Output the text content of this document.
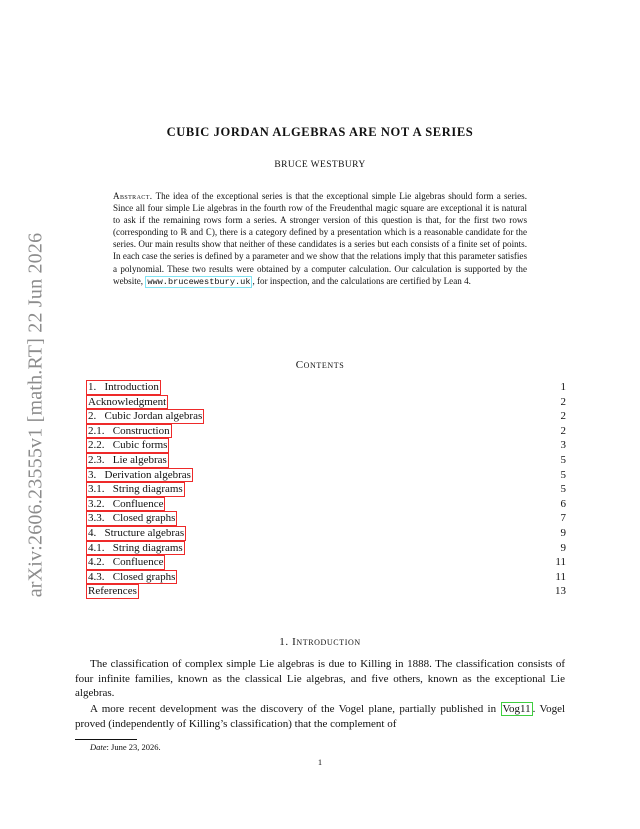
arXiv:2606.23555v1 [math.RT] 22 Jun 2026
CUBIC JORDAN ALGEBRAS ARE NOT A SERIES
BRUCE WESTBURY
Abstract. The idea of the exceptional series is that the exceptional simple Lie algebras should form a series. Since all four simple Lie algebras in the fourth row of the Freudenthal magic square are exceptional it is natural to ask if the remaining rows form a series. A stronger version of this question is that, for the first two rows (corresponding to ℝ and ℂ), there is a category defined by a presentation which is a reasonable candidate for the series. Our main results show that neither of these candidates is a series but each consists of a finite set of points. In each case the series is defined by a parameter and we show that the relations imply that this parameter satisfies a polynomial. These two results were obtained by a computer calculation. Our calculation is supported by the website, www.brucewestbury.uk , for inspection, and the calculations are certified by Lean 4.
Contents
1.   Introduction	1
Acknowledgment	2
2.   Cubic Jordan algebras	2
2.1.   Construction	2
2.2.   Cubic forms	3
2.3.   Lie algebras	5
3.   Derivation algebras	5
3.1.   String diagrams	5
3.2.   Confluence	6
3.3.   Closed graphs	7
4.   Structure algebras	9
4.1.   String diagrams	9
4.2.   Confluence	11
4.3.   Closed graphs	11
References	13
1. Introduction

The classification of complex simple Lie algebras is due to Killing in 1888. The classification consists of four infinite families, known as the classical Lie algebras, and five others, known as the exceptional Lie algebras.

A more recent development was the discovery of the Vogel plane, partially published in Vog11 . Vogel proved (independently of Killing’s classification) that the complement of

Date: June 23, 2026.
1
